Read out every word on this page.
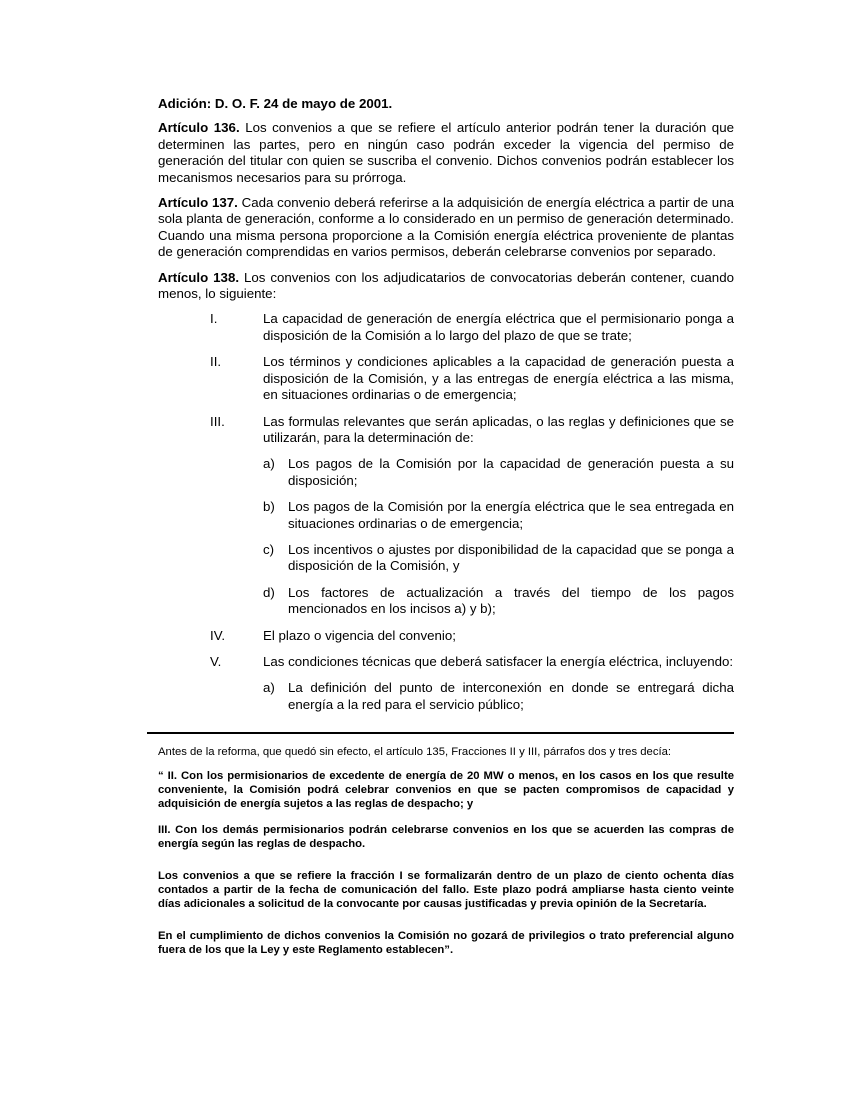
Adición: D. O. F. 24 de mayo de 2001.

Artículo 136. Los convenios a que se refiere el artículo anterior podrán tener la duración que determinen las partes, pero en ningún caso podrán exceder la vigencia del permiso de generación del titular con quien se suscriba el convenio. Dichos convenios podrán establecer los mecanismos necesarios para su prórroga.

Artículo 137. Cada convenio deberá referirse a la adquisición de energía eléctrica a partir de una sola planta de generación, conforme a lo considerado en un permiso de generación determinado. Cuando una misma persona proporcione a la Comisión energía eléctrica proveniente de plantas de generación comprendidas en varios permisos, deberán celebrarse convenios por separado.

Artículo 138. Los convenios con los adjudicatarios de convocatorias deberán contener, cuando menos, lo siguiente:

I.	La capacidad de generación de energía eléctrica que el permisionario ponga a disposición de la Comisión a lo largo del plazo de que se trate;
II.	Los términos y condiciones aplicables a la capacidad de generación puesta a disposición de la Comisión, y a las entregas de energía eléctrica a las misma, en situaciones ordinarias o de emergencia;
III.	Las formulas relevantes que serán aplicadas, o las reglas y definiciones que se utilizarán, para la determinación de:
a) Los pagos de la Comisión por la capacidad de generación puesta a su disposición;
b) Los pagos de la Comisión por la energía eléctrica que le sea entregada en situaciones ordinarias o de emergencia;
c)	Los incentivos o ajustes por disponibilidad de la capacidad que se ponga a disposición de la Comisión, y
d) Los factores de actualización a través del tiempo de los pagos mencionados en los incisos a) y b);
IV.	El plazo o vigencia del convenio;
V.	Las condiciones técnicas que deberá satisfacer la energía eléctrica, incluyendo:
a) La definición del punto de interconexión en donde se entregará dicha energía a la red para el servicio público;

Antes de la reforma, que quedó sin efecto, el artículo 135, Fracciones II y III, párrafos dos y tres decía:

“ II. Con los permisionarios de excedente de energía de 20 MW o menos, en los casos en los que resulte conveniente, la Comisión podrá celebrar convenios en que se pacten compromisos de capacidad y adquisición de energía sujetos a las reglas de despacho; y

III. Con los demás permisionarios podrán celebrarse convenios en los que se acuerden las compras de energía según las reglas de despacho.

Los convenios a que se refiere la fracción I se formalizarán dentro de un plazo de ciento ochenta días contados a partir de la fecha de comunicación del fallo. Este plazo podrá ampliarse hasta ciento veinte días adicionales a solicitud de la convocante por causas justificadas y previa opinión de la Secretaría.

En el cumplimiento de dichos convenios la Comisión no gozará de privilegios o trato preferencial alguno fuera de los que la Ley y este Reglamento establecen”.
